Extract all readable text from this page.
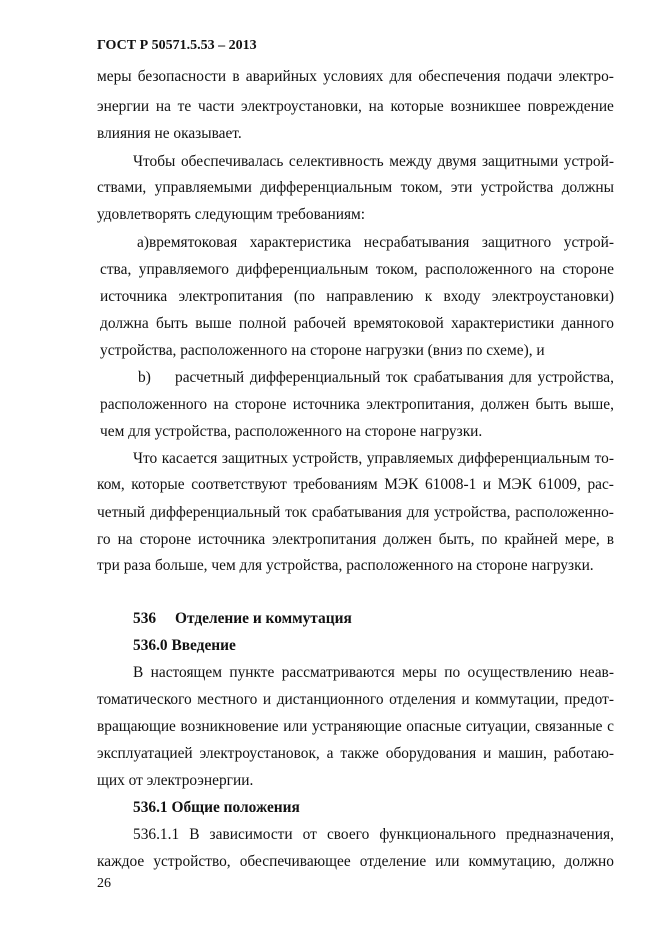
ГОСТ Р 50571.5.53 – 2013
меры безопасности в аварийных условиях для обеспечения подачи электро-
энергии на те части электроустановки, на которые возникшее повреждение
влияния не оказывает.
Чтобы обеспечивалась селективность между двумя защитными устрой-
ствами, управляемыми дифференциальным током, эти устройства должны
удовлетворять следующим требованиям:
а)времятоковая характеристика несрабатывания защитного устрой-
ства, управляемого дифференциальным током, расположенного на стороне
источника электропитания (по направлению к входу электроустановки)
должна быть выше полной рабочей времятоковой характеристики данного
устройства, расположенного на стороне нагрузки (вниз по схеме), и
b) расчетный дифференциальный ток срабатывания для устройства,
расположенного на стороне источника электропитания, должен быть выше,
чем для устройства, расположенного на стороне нагрузки.
Что касается защитных устройств, управляемых дифференциальным то-
ком, которые соответствуют требованиям МЭК 61008-1 и МЭК 61009, рас-
четный дифференциальный ток срабатывания для устройства, расположенно-
го на стороне источника электропитания должен быть, по крайней мере, в
три раза больше, чем для устройства, расположенного на стороне нагрузки.
536 Отделение и коммутация
536.0 Введение
В настоящем пункте рассматриваются меры по осуществлению неав-
томатического местного и дистанционного отделения и коммутации, предот-
вращающие возникновение или устраняющие опасные ситуации, связанные с
эксплуатацией электроустановок, а также оборудования и машин, работаю-
щих от электроэнергии.
536.1 Общие положения
536.1.1 В зависимости от своего функционального предназначения,
каждое устройство, обеспечивающее отделение или коммутацию, должно
26
